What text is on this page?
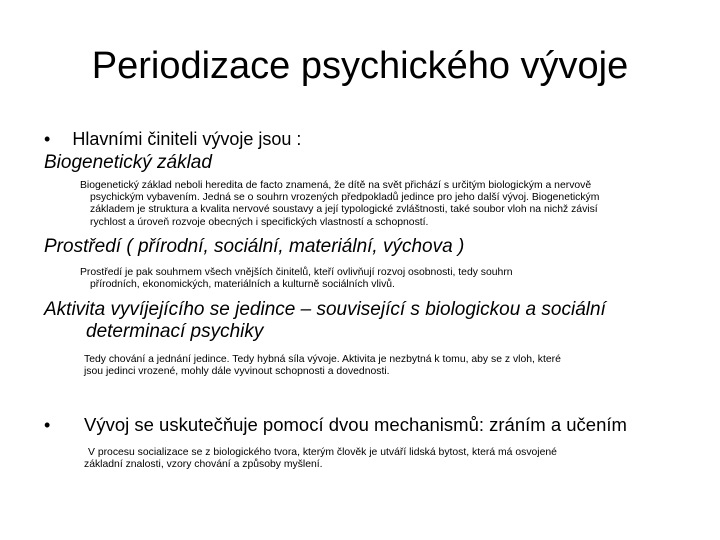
Periodizace psychického vývoje
• Hlavními činiteli vývoje jsou :
Biogenetický základ
Biogenetický základ neboli heredita de facto znamená, že dítě na svět přichází s určitým biologickým a nervově
psychickým vybavením. Jedná se o souhrn vrozených předpokladů jedince pro jeho další vývoj. Biogenetickým
základem je struktura a kvalita nervové soustavy a její typologické zvláštnosti, také soubor vloh na nichž závisí
rychlost a úroveň rozvoje obecných i specifických vlastností a schopností.
Prostředí ( přírodní, sociální, materiální, výchova )
Prostředí je pak souhrnem všech vnějších činitelů, kteří ovlivňují rozvoj osobnosti, tedy souhrn
přírodních, ekonomických, materiálních a kulturně sociálních vlivů.
Aktivita vyvíjejícího se jedince – související s biologickou a sociální
determinací psychiky
Tedy chování a jednání jedince. Tedy hybná síla vývoje. Aktivita je nezbytná k tomu, aby se z vloh, které
jsou jedinci vrozené, mohly dále vyvinout schopnosti a dovednosti.
• Vývoj se uskutečňuje pomocí dvou mechanismů: zráním a učením
V procesu socializace se z biologického tvora, kterým člověk je utváří lidská bytost, která má osvojené
základní znalosti, vzory chování a způsoby myšlení.
